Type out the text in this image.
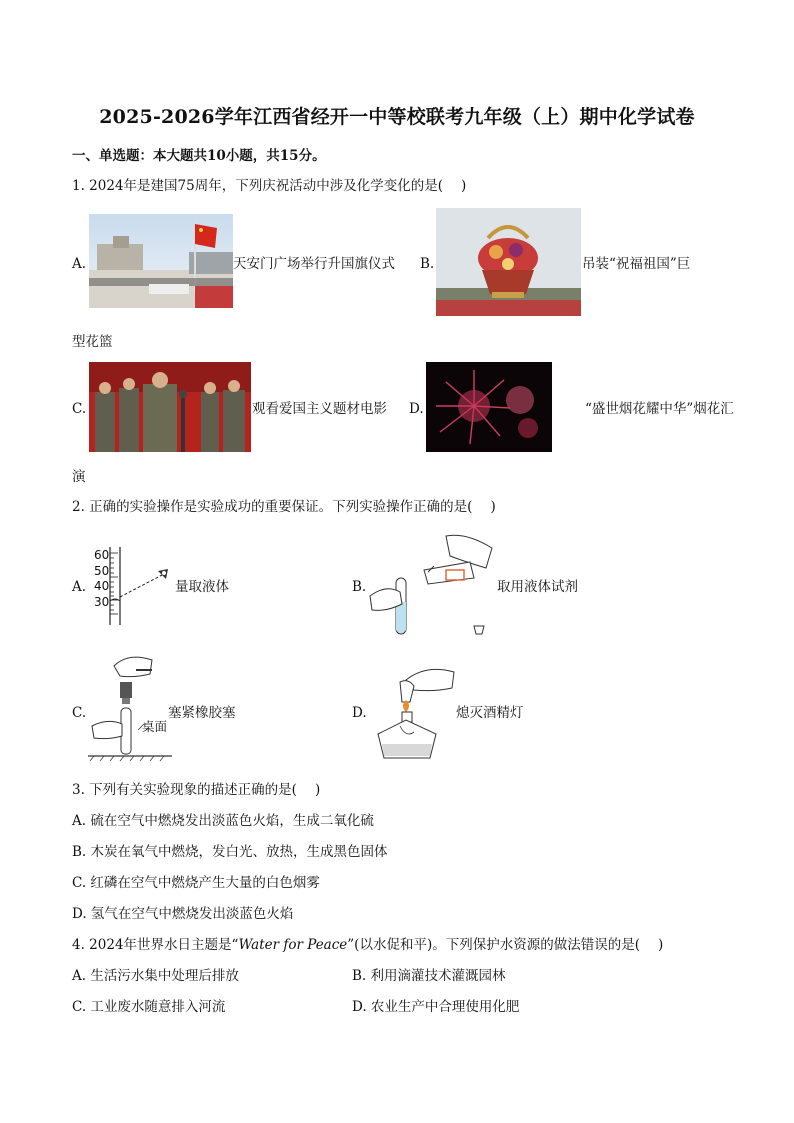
2025-2026学年江西省经开一中等校联考九年级（上）期中化学试卷
一、单选题：本大题共10小题，共15分。
1. 2024年是建国75周年，下列庆祝活动中涉及化学变化的是( )
A.	天安门广场举行升国旗仪式 B.	吊装“祝福祖国”巨
型花篮
C.	观看爱国主义题材电影 D.	“盛世烟花耀中华”烟花汇
演
2. 正确的实验操作是实验成功的重要保证。下列实验操作正确的是( )
A.
60
50
40
30
量取液体	B.	取用液体试剂
C.
桌面
塞紧橡胶塞	D.	熄灭酒精灯
3. 下列有关实验现象的描述正确的是( )
A. 硫在空气中燃烧发出淡蓝色火焰，生成二氧化硫
B. 木炭在氧气中燃烧，发白光、放热，生成黑色固体
C. 红磷在空气中燃烧产生大量的白色烟雾
D. 氢气在空气中燃烧发出淡蓝色火焰
4. 2024年世界水日主题是“Water for Peace”(以水促和平)。下列保护水资源的做法错误的是( )
A. 生活污水集中处理后排放	B. 利用滴灌技术灌溉园林
C. 工业废水随意排入河流	D. 农业生产中合理使用化肥
